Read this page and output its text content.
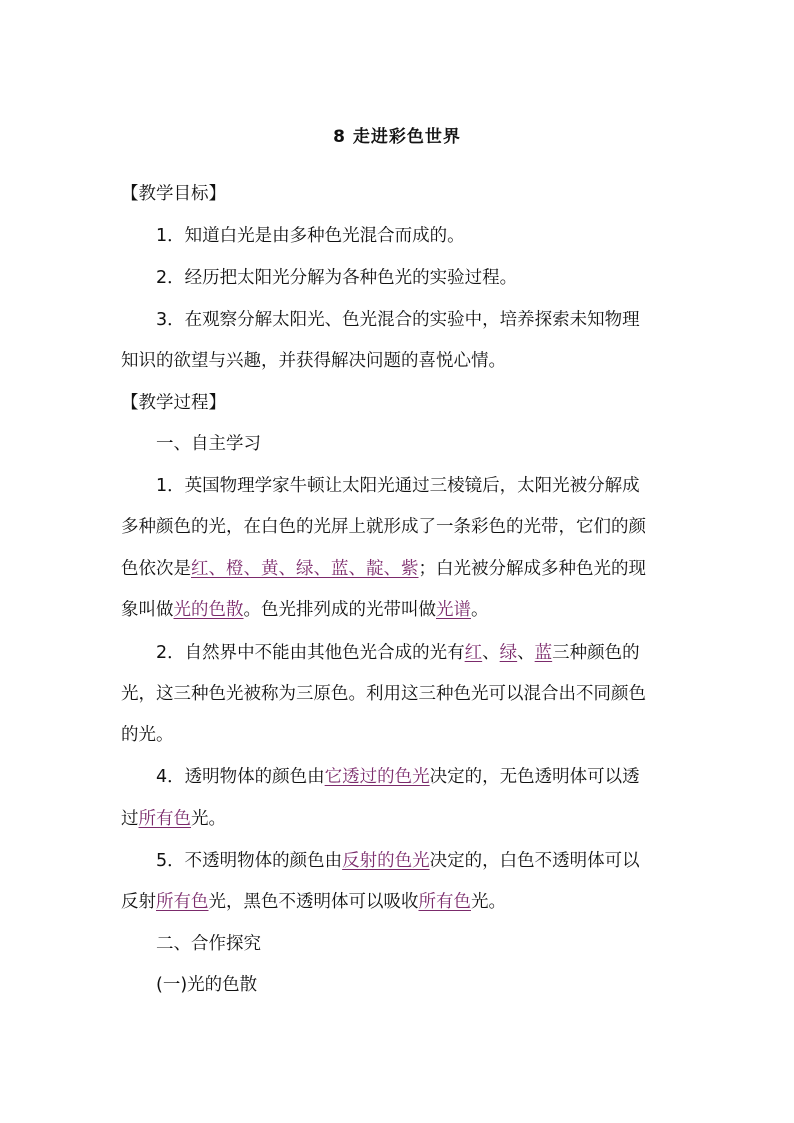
8 走进彩色世界
【教学目标】
1．知道白光是由多种色光混合而成的。
2．经历把太阳光分解为各种色光的实验过程。
3．在观察分解太阳光、色光混合的实验中，培养探索未知物理
知识的欲望与兴趣，并获得解决问题的喜悦心情。
【教学过程】
一、自主学习
1．英国物理学家牛顿让太阳光通过三棱镜后，太阳光被分解成
多种颜色的光，在白色的光屏上就形成了一条彩色的光带，它们的颜
色依次是红、橙、黄、绿、蓝、靛、紫；白光被分解成多种色光的现
象叫做光的色散。色光排列成的光带叫做光谱。
2．自然界中不能由其他色光合成的光有红、绿、蓝三种颜色的
光，这三种色光被称为三原色。利用这三种色光可以混合出不同颜色
的光。
4．透明物体的颜色由它透过的色光决定的，无色透明体可以透
过所有色光。
5．不透明物体的颜色由反射的色光决定的，白色不透明体可以
反射所有色光，黑色不透明体可以吸收所有色光。
二、合作探究
(一)光的色散
